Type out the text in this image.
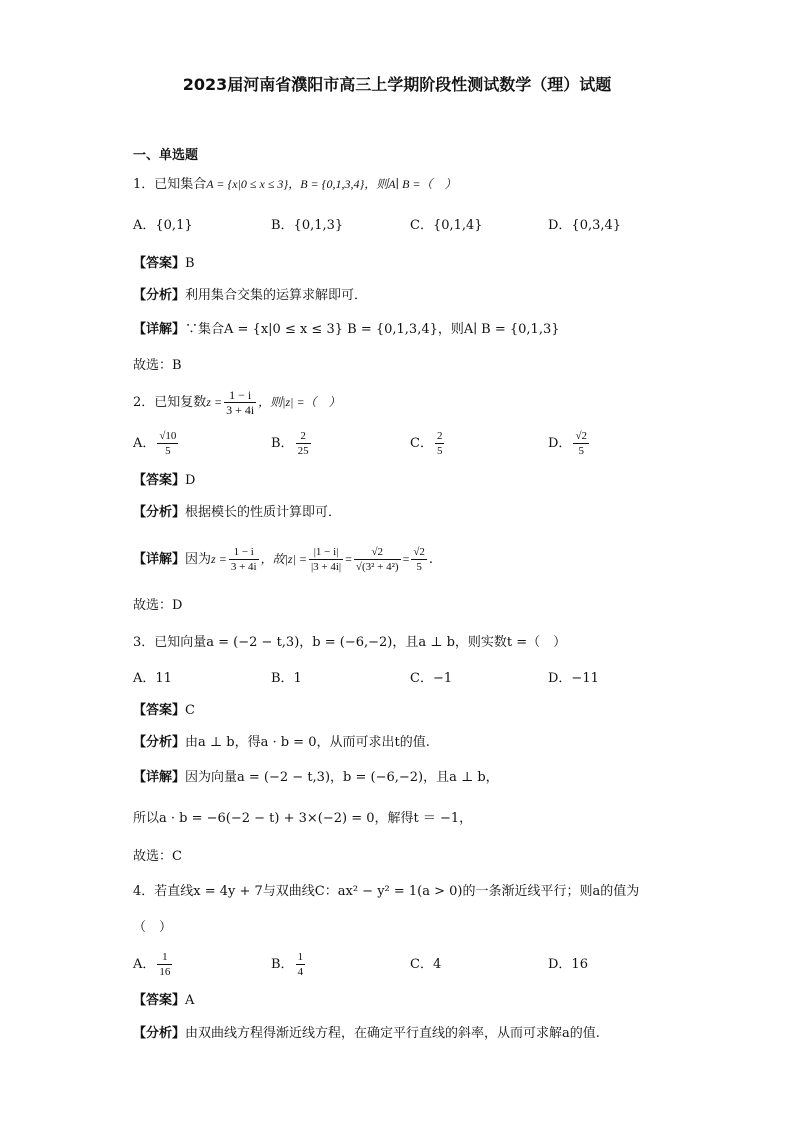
2023届河南省濮阳市高三上学期阶段性测试数学（理）试题
一、单选题
1．已知集合A = {x|0 ≤ x ≤ 3}，B = {0,1,3,4}，则A∣ B =（　）
A．{0,1}	B．{0,1,3}	C．{0,1,4}	D．{0,3,4}
【答案】B
【分析】利用集合交集的运算求解即可．
【详解】∵集合A = {x|0 ≤ x ≤ 3} B = {0,1,3,4}，则A∣ B = {0,1,3}
故选：B
2．已知复数$z = \frac{1 - i}{3 + 4i}$ ，则|z| =（　）
A． $\frac{√10}{5}$	B． $\frac{2}{25}$	C． $\frac{2}{5}$	D． $\frac{√2}{5}$
【答案】D
【分析】根据模长的性质计算即可．
【详解】因为$z = \frac{1 - i}{3 + 4i}$ ，故$|z| = \frac{|1 - i|}{|3 + 4i|} = \frac{√2}{\text{√(3² + 4²)}} = \frac{√2}{5}$ .
故选：D
3．已知向量a = (−2 − t,3)，b = (−6,−2)，且a ⊥ b，则实数t =（　）
A．11	B．1	C．−1	D．−11
【答案】C
【分析】由a ⊥ b，得a · b = 0，从而可求出t的值.
【详解】因为向量a = (−2 − t,3)，b = (−6,−2)，且a ⊥ b，
所以a · b = −6(−2 − t) + 3×(−2) = 0，解得t ＝ −1，
故选：C
4．若直线x = 4y + 7与双曲线C：ax² − y² = 1(a > 0)的一条渐近线平行；则a的值为
（　）
A． $\frac{1}{16}$	B． $\frac{1}{4}$	C．4	D．16
【答案】A
【分析】由双曲线方程得渐近线方程，在确定平行直线的斜率，从而可求解a的值.
